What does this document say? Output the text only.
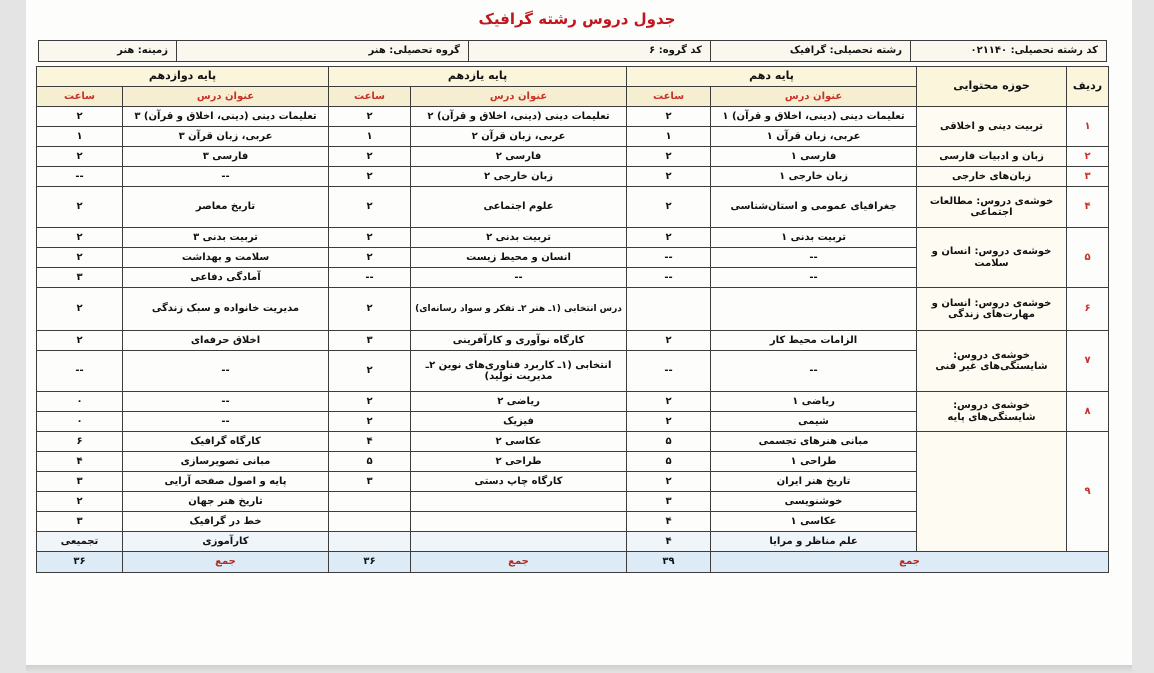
جدول دروس رشته گرافیک
کد رشته تحصیلی: ۰۲۱۱۴۰	رشته تحصیلی: گرافیک	کد گروه: ۶	گروه تحصیلی: هنر	زمینه: هنر
ردیف	حوزه محتوایی	پایه دهم		پایه یازدهم		پایه دوازدهم	
		عنوان درس	ساعت	عنوان درس	ساعت	عنوان درس	ساعت
۱	تربیت دینی و اخلاقی	تعلیمات دینی (دینی، اخلاق و قرآن) ۱	۲	تعلیمات دینی (دینی، اخلاق و قرآن) ۲	۲	تعلیمات دینی (دینی، اخلاق و قرآن) ۳	۲
		عربی، زبان قرآن ۱	۱	عربی، زبان قرآن ۲	۱	عربی، زبان قرآن ۳	۱
۲	زبان و ادبیات فارسی	فارسی ۱	۲	فارسی ۲	۲	فارسی ۳	۲
۳	زبان‌های خارجی	زبان خارجی ۱	۲	زبان خارجی ۲	۲	--	--
۴	خوشه‌ی دروس: مطالعات اجتماعی	جغرافیای عمومی و استان‌شناسی	۲	علوم اجتماعی	۲	تاریخ معاصر	۲
۵	خوشه‌ی دروس: انسان و سلامت	تربیت بدنی ۱	۲	تربیت بدنی ۲	۲	تربیت بدنی ۳	۲
		--	--	انسان و محیط زیست	۲	سلامت و بهداشت	۲
		--	--	--	--	آمادگی دفاعی	۳
۶	خوشه‌ی دروس: انسان و مهارت‌های زندگی			درس انتخابی (۱ـ هنر ۲ـ تفکر و سواد رسانه‌ای)	۲	مدیریت خانواده و سبک زندگی	۲
۷	خوشه‌ی دروس: شایستگی‌های غیر فنی	الزامات محیط کار	۲	کارگاه نوآوری و کارآفرینی	۳	اخلاق حرفه‌ای	۲
		--	--	انتخابی (۱ـ کاربرد فناوری‌های نوین ۲ـ مدیریت تولید)	۲	--	--
۸	خوشه‌ی دروس: شایستگی‌های پایه	ریاضی ۱	۲	ریاضی ۲	۲	--	۰
		شیمی	۲	فیزیک	۲	--	۰
۹		مبانی هنرهای تجسمی	۵	عکاسی ۲	۴	کارگاه گرافیک	۶
		طراحی ۱	۵	طراحی ۲	۵	مبانی تصویرسازی	۴
		تاریخ هنر ایران	۲	کارگاه چاپ دستی	۳	پایه و اصول صفحه آرایی	۳
		خوشنویسی	۳			تاریخ هنر جهان	۲
		عکاسی ۱	۴			خط در گرافیک	۳
		علم مناظر و مرایا	۴			کارآموزی	تجمیعی
جمع			۳۹	جمع	۳۶	جمع	۳۶
